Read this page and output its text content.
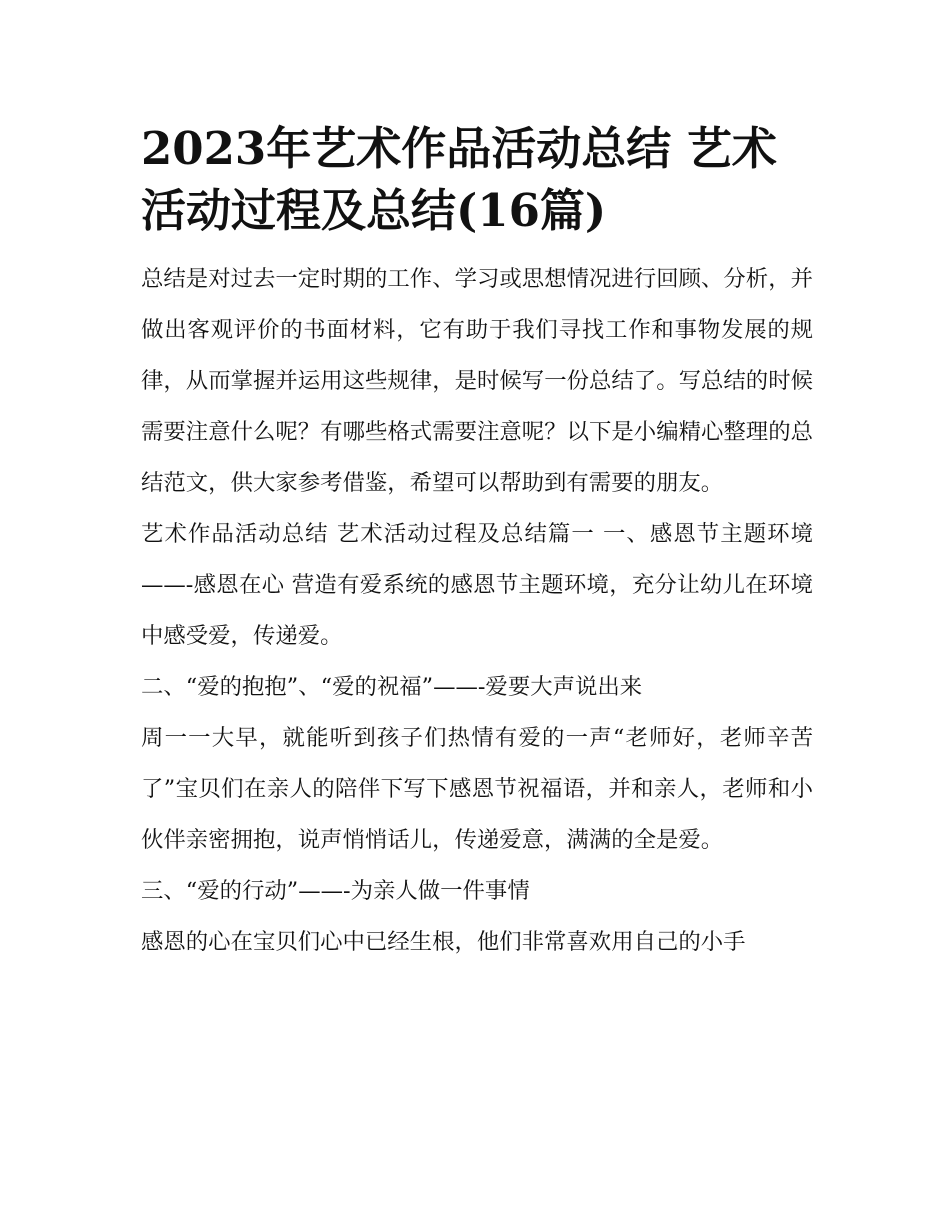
2023年艺术作品活动总结 艺术活动过程及总结(16篇)

总结是对过去一定时期的工作、学习或思想情况进行回顾、分析，并做出客观评价的书面材料，它有助于我们寻找工作和事物发展的规律，从而掌握并运用这些规律，是时候写一份总结了。写总结的时候需要注意什么呢？有哪些格式需要注意呢？以下是小编精心整理的总结范文，供大家参考借鉴，希望可以帮助到有需要的朋友。

艺术作品活动总结 艺术活动过程及总结篇一 一、感恩节主题环境——-感恩在心 营造有爱系统的感恩节主题环境，充分让幼儿在环境中感受爱，传递爱。

二、“爱的抱抱”、“爱的祝福”——-爱要大声说出来

周一一大早，就能听到孩子们热情有爱的一声“老师好，老师辛苦了”宝贝们在亲人的陪伴下写下感恩节祝福语，并和亲人，老师和小伙伴亲密拥抱，说声悄悄话儿，传递爱意，满满的全是爱。

三、“爱的行动”——-为亲人做一件事情

感恩的心在宝贝们心中已经生根，他们非常喜欢用自己的小手
